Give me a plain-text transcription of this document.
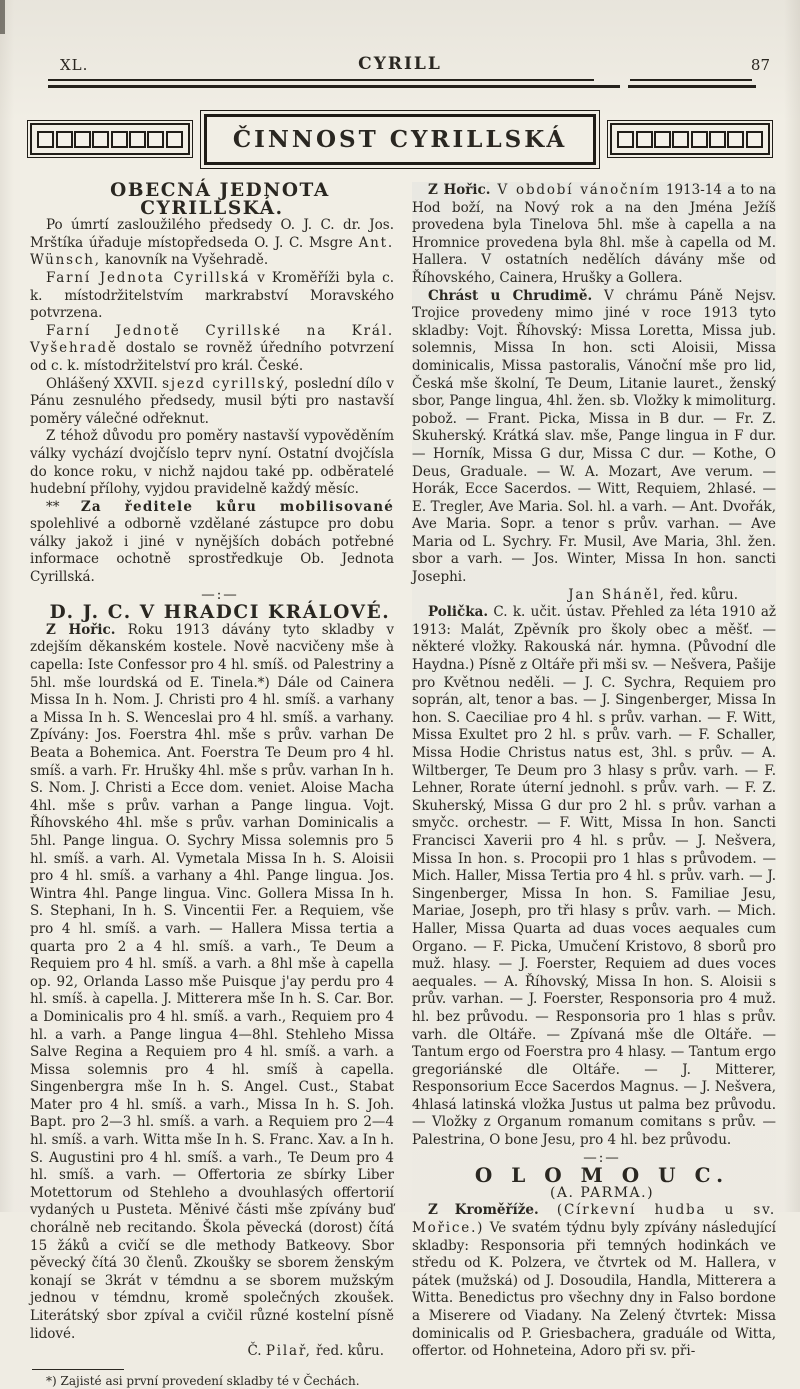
XL.	CYRILL	87
ČINNOST CYRILLSKÁ

OBECNÁ JEDNOTA CYRILLSKÁ.

Po úmrtí zasloužilého předsedy O. J. C. dr. Jos. Mrštíka úřaduje místopředseda O. J. C. Msgre Ant. Wünsch, kanovník na Vyšehradě.

Farní Jednota Cyrillská v Kroměříži byla c. k. místodržitelstvím markrabství Moravského potvrzena.

Farní Jednotě Cyrillské na Král. Vyšehradě dostalo se rovněž úředního potvrzení od c. k. místodržitelství pro král. České.

Ohlášený XXVII. sjezd cyrillský, poslední dílo v Pánu zesnulého předsedy, musil býti pro nastavší poměry válečné odřeknut.

Z téhož důvodu pro poměry nastavší vypověděním války vychází dvojčíslo teprv nyní. Ostatní dvojčísla do konce roku, v nichž najdou také pp. odběratelé hudební přílohy, vyjdou pravidelně každý měsíc.

** Za ředitele kůru mobilisované spolehlivé a odborně vzdělané zástupce pro dobu války jakož i jiné v nynějších dobách potřebné informace ochotně sprostředkuje Ob. Jednota Cyrillská.

—:—

D. J. C. V HRADCI KRÁLOVÉ.

Z Hořic. Roku 1913 dávány tyto skladby v zdejším děkanském kostele. Nově nacvičeny mše à capella: Iste Confessor pro 4 hl. smíš. od Palestriny a 5hl. mše lourdská od E. Tinela.*) Dále od Cainera Missa In h. Nom. J. Christi pro 4 hl. smíš. a varhany a Missa In h. S. Wenceslai pro 4 hl. smíš. a varhany. Zpívány: Jos. Foerstra 4hl. mše s prův. varhan De Beata a Bohemica. Ant. Foerstra Te Deum pro 4 hl. smíš. a varh. Fr. Hrušky 4hl. mše s prův. varhan In h. S. Nom. J. Christi a Ecce dom. veniet. Aloise Macha 4hl. mše s prův. varhan a Pange lingua. Vojt. Říhovského 4hl. mše s prův. varhan Dominicalis a 5hl. Pange lingua. O. Sychry Missa solemnis pro 5 hl. smíš. a varh. Al. Vymetala Missa In h. S. Aloisii pro 4 hl. smíš. a varhany a 4hl. Pange lingua. Jos. Wintra 4hl. Pange lingua. Vinc. Gollera Missa In h. S. Stephani, In h. S. Vincentii Fer. a Requiem, vše pro 4 hl. smíš. a varh. — Hallera Missa tertia a quarta pro 2 a 4 hl. smíš. a varh., Te Deum a Requiem pro 4 hl. smíš. a varh. a 8hl mše à capella op. 92, Orlanda Lasso mše Puisque j'ay perdu pro 4 hl. smíš. à capella. J. Mitterera mše In h. S. Car. Bor. a Dominicalis pro 4 hl. smíš. a varh., Requiem pro 4 hl. a varh. a Pange lingua 4—8hl. Stehleho Missa Salve Regina a Requiem pro 4 hl. smíš. a varh. a Missa solemnis pro 4 hl. smíš à capella. Singenbergra mše In h. S. Angel. Cust., Stabat Mater pro 4 hl. smíš. a varh., Missa In h. S. Joh. Bapt. pro 2—3 hl. smíš. a varh. a Requiem pro 2—4 hl. smíš. a varh. Witta mše In h. S. Franc. Xav. a In h. S. Augustini pro 4 hl. smíš. a varh., Te Deum pro 4 hl. smíš. a varh. — Offertoria ze sbírky Liber Motettorum od Stehleho a dvouhlasých offertorií vydaných u Pusteta. Měnivé části mše zpívány buď chorálně neb recitando. Škola pěvecká (dorost) čítá 15 žáků a cvičí se dle methody Batkeovy. Sbor pěvecký čítá 30 členů. Zkoušky se sborem ženským konají se 3krát v témdnu a se sborem mužským jednou v témdnu, kromě společných zkoušek. Literátský sbor zpíval a cvičil různé kostelní písně lidové.

Č. Pilař, řed. kůru.

*) Zajisté asi první provedení skladby té v Čechách.

Z Hořic. V období vánočním 1913-14 a to na Hod boží, na Nový rok a na den Jména Ježíš provedena byla Tinelova 5hl. mše à capella a na Hromnice provedena byla 8hl. mše à capella od M. Hallera. V ostatních nedělích dávány mše od Říhovského, Cainera, Hrušky a Gollera.

Chrást u Chrudimě. V chrámu Páně Nejsv. Trojice provedeny mimo jiné v roce 1913 tyto skladby: Vojt. Říhovský: Missa Loretta, Missa jub. solemnis, Missa In hon. scti Aloisii, Missa dominicalis, Missa pastoralis, Vánoční mše pro lid, Česká mše školní, Te Deum, Litanie lauret., ženský sbor, Pange lingua, 4hl. žen. sb. Vložky k mimoliturg. pobož. — Frant. Picka, Missa in B dur. — Fr. Z. Skuherský. Krátká slav. mše, Pange lingua in F dur. — Horník, Missa G dur, Missa C dur. — Kothe, O Deus, Graduale. — W. A. Mozart, Ave verum. — Horák, Ecce Sacerdos. — Witt, Requiem, 2hlasé. — E. Tregler, Ave Maria. Sol. hl. a varh. — Ant. Dvořák, Ave Maria. Sopr. a tenor s prův. varhan. — Ave Maria od L. Sychry. Fr. Musil, Ave Maria, 3hl. žen. sbor a varh. — Jos. Winter, Missa In hon. sancti Josephi.

Jan Sháněl, řed. kůru.

Polička. C. k. učit. ústav. Přehled za léta 1910 až 1913: Malát, Zpěvník pro školy obec a měšť. — některé vložky. Rakouská nár. hymna. (Původní dle Haydna.) Písně z Oltáře při mši sv. — Nešvera, Pašije pro Květnou neděli. — J. C. Sychra, Requiem pro soprán, alt, tenor a bas. — J. Singenberger, Missa In hon. S. Caeciliae pro 4 hl. s prův. varhan. — F. Witt, Missa Exultet pro 2 hl. s prův. varh. — F. Schaller, Missa Hodie Christus natus est, 3hl. s prův. — A. Wiltberger, Te Deum pro 3 hlasy s prův. varh. — F. Lehner, Rorate úterní jednohl. s prův. varh. — F. Z. Skuherský, Missa G dur pro 2 hl. s prův. varhan a smyčc. orchestr. — F. Witt, Missa In hon. Sancti Francisci Xaverii pro 4 hl. s prův. — J. Nešvera, Missa In hon. s. Procopii pro 1 hlas s průvodem. — Mich. Haller, Missa Tertia pro 4 hl. s prův. varh. — J. Singenberger, Missa In hon. S. Familiae Jesu, Mariae, Joseph, pro tři hlasy s prův. varh. — Mich. Haller, Missa Quarta ad duas voces aequales cum Organo. — F. Picka, Umučení Kristovo, 8 sborů pro muž. hlasy. — J. Foerster, Requiem ad dues voces aequales. — A. Říhovský, Missa In hon. S. Aloisii s prův. varhan. — J. Foerster, Responsoria pro 4 muž. hl. bez průvodu. — Responsoria pro 1 hlas s prův. varh. dle Oltáře. — Zpívaná mše dle Oltáře. — Tantum ergo od Foerstra pro 4 hlasy. — Tantum ergo gregoriánské dle Oltáře. — J. Mitterer, Responsorium Ecce Sacerdos Magnus. — J. Nešvera, 4hlasá latinská vložka Justus ut palma bez průvodu. — Vložky z Organum romanum comitans s prův. — Palestrina, O bone Jesu, pro 4 hl. bez průvodu.

—:—

O L O M O U C.

(A. PARMA.)

Z Kroměříže. (Církevní hudba u sv. Mořice.) Ve svatém týdnu byly zpívány následující skladby: Responsoria při temných hodinkách ve středu od K. Polzera, ve čtvrtek od M. Hallera, v pátek (mužská) od J. Dosoudila, Handla, Mitterera a Witta. Benedictus pro všechny dny in Falso bordone a Miserere od Viadany. Na Zelený čtvrtek: Missa dominicalis od P. Griesbachera, graduále od Witta, offertor. od Hohneteina, Adoro při sv. při-
